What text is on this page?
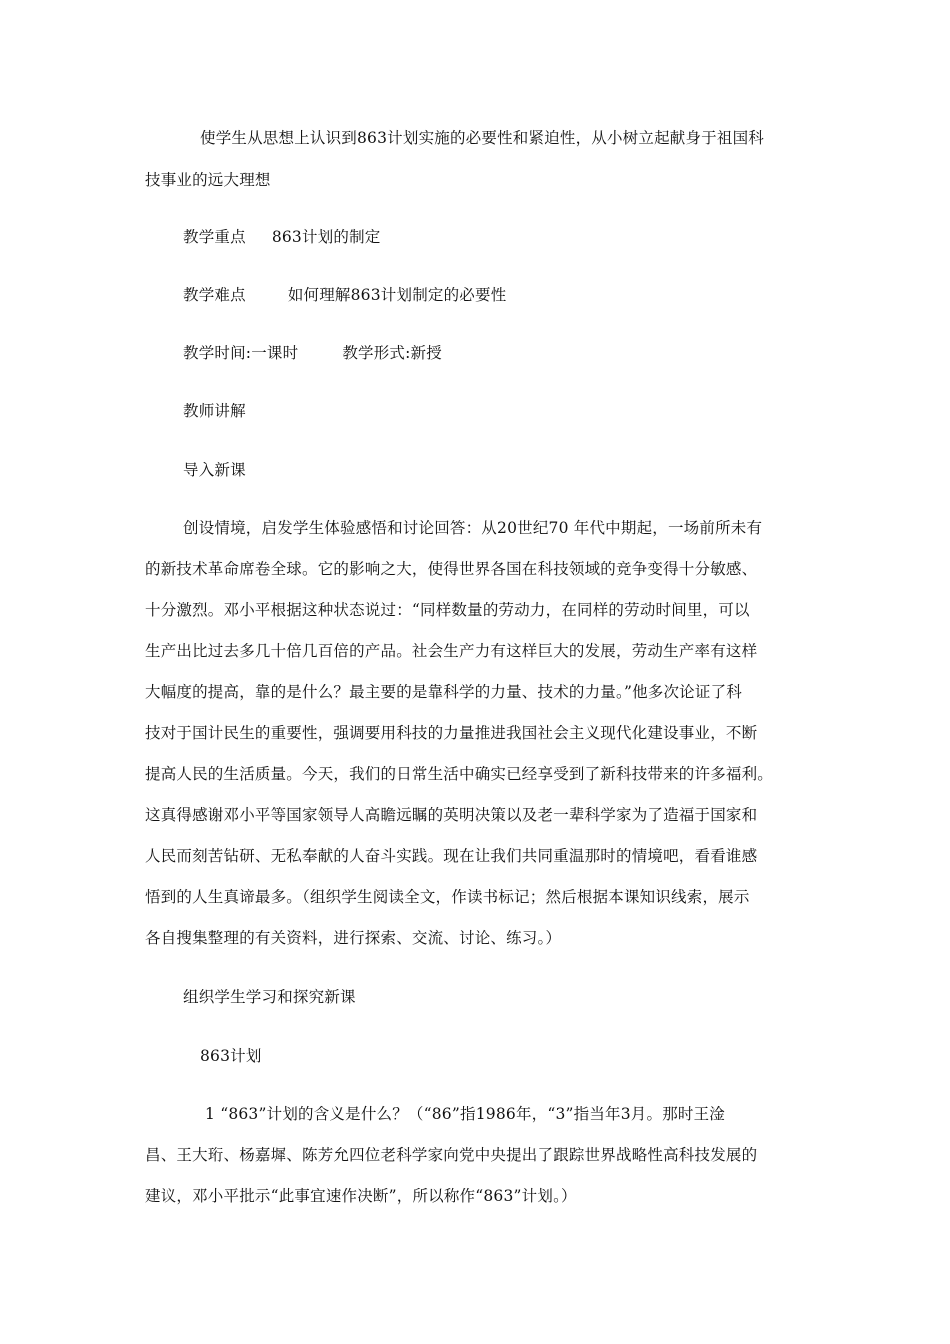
使学生从思想上认识到863计划实施的必要性和紧迫性，从小树立起献身于祖国科
技事业的远大理想
教学重点 863计划的制定
教学难点	如何理解863计划制定的必要性
教学时间:一课时	教学形式:新授
教师讲解
导入新课
创设情境，启发学生体验感悟和讨论回答：从20世纪70 年代中期起，一场前所未有
的新技术革命席卷全球。它的影响之大，使得世界各国在科技领域的竞争变得十分敏感、
十分激烈。邓小平根据这种状态说过：“同样数量的劳动力，在同样的劳动时间里，可以
生产出比过去多几十倍几百倍的产品。社会生产力有这样巨大的发展，劳动生产率有这样
大幅度的提高，靠的是什么？最主要的是靠科学的力量、技术的力量。”他多次论证了科
技对于国计民生的重要性，强调要用科技的力量推进我国社会主义现代化建设事业，不断
提高人民的生活质量。今天，我们的日常生活中确实已经享受到了新科技带来的许多福利。
这真得感谢邓小平等国家领导人高瞻远瞩的英明决策以及老一辈科学家为了造福于国家和
人民而刻苦钻研、无私奉献的人奋斗实践。现在让我们共同重温那时的情境吧，看看谁感
悟到的人生真谛最多。（组织学生阅读全文，作读书标记；然后根据本课知识线索，展示
各自搜集整理的有关资料，进行探索、交流、讨论、练习。）
组织学生学习和探究新课
863计划
1 “863”计划的含义是什么？（“86”指1986年，“3”指当年3月。那时王淦
昌、王大珩、杨嘉墀、陈芳允四位老科学家向党中央提出了跟踪世界战略性高科技发展的
建议，邓小平批示“此事宜速作决断”，所以称作“863”计划。）
